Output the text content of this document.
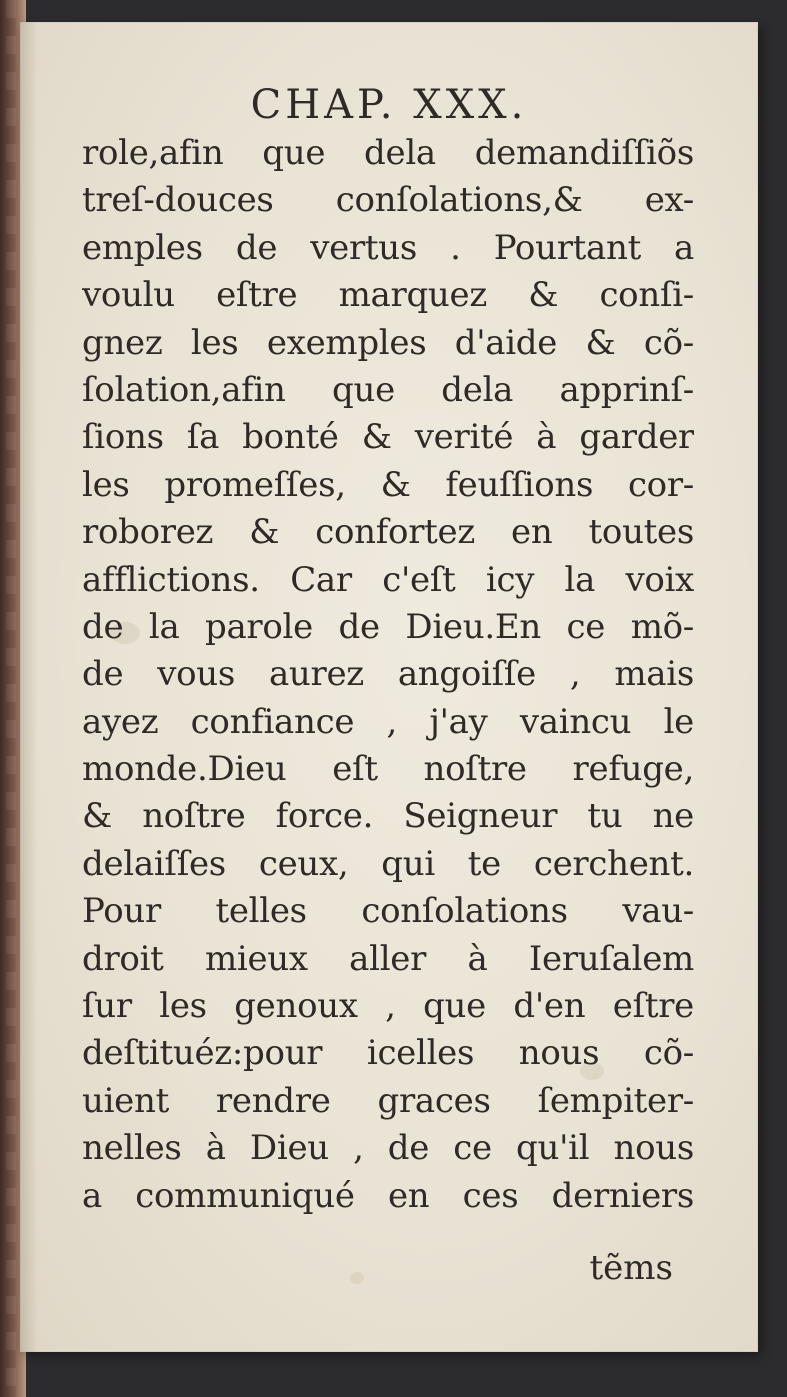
CHAP. XXX.
role,afin que dela demandiſſiõs
treſ-douces conſolations,& ex-
emples de vertus . Pourtant a
voulu eſtre marquez & conſi-
gnez les exemples d'aide & cõ-
ſolation,afin que dela apprinſ-
ſions ſa bonté & verité à garder
les promeſſes, & feuſſions cor-
roborez & confortez en toutes
afflictions. Car c'eſt icy la voix
de la parole de Dieu.En ce mõ-
de vous aurez angoiſſe , mais
ayez confiance , j'ay vaincu le
monde.Dieu eſt noſtre refuge,
& noſtre force. Seigneur tu ne
delaiſſes ceux, qui te cerchent.
Pour telles conſolations vau-
droit mieux aller à Ieruſalem
ſur les genoux , que d'en eſtre
deſtituéz:pour icelles nous cõ-
uient rendre graces ſempiter-
nelles à Dieu , de ce qu'il nous
a communiqué en ces derniers
tẽms
